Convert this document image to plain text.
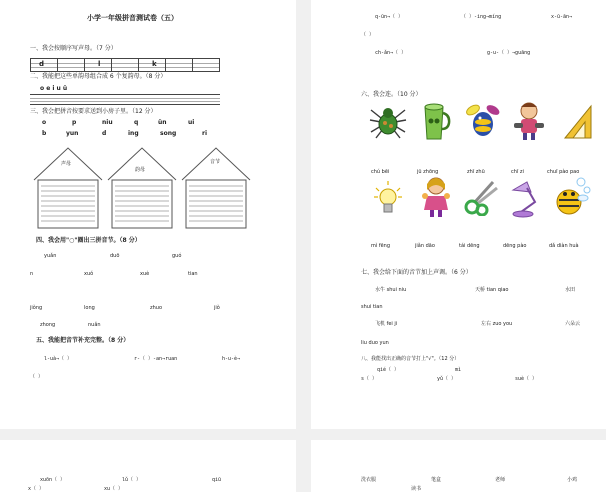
小学一年级拼音测试卷（五）
一、我会按顺序写声母。（7 分）
d	l	k
二、我能把这些单韵母组合成 6 个复韵母。（8 分）
o e i u ü
三、我会把拼音按要求送到小房子里。（12 分）
o	p	niu	q	ün	ui
b	yun	d	ing	song	ri
声母
韵母
音节
四、我会用"○"圈出三拼音节。（8 分）
yuǎn	duō	guó
n	xuǒ	xuè	tian
jiǒng	long	zhuo	jiǒ
zhong	nuǎn
五、我能把音节补充完整。（8 分）
l-uà→（ ）	r-（ ）-an→ruan	h-u-è→
（ ）
q-ūn→（ ）	（ ）-ing→míng	x-ū-ān→
（ ）
ch-ǎn→（ ）	g-u-（ ）→guāng
六、我会连。（10 分）
chú bēi	jū zhōng	zhī zhū	chī zi	chuī pào pao
mì fēng	jiǎn dāo	tái dēng	dēng pào	dǎ diàn huà
七、我会给下面的音节加上声调。（6 分）
水牛 shui niu	天桥 tian qiao	水田
shui tian
飞机 fei ji	左右 zuo you	六朵云
liu duo yun
八、我能找出正确的音节打上"√"。（12 分）
qié（ ）	mì
s（ ）	yǔ（ ）	suè（ ）
xuōn（ ）	lǔ（ ）	qiū
x（ ）	xu（ ）
洗衣服	笔盒	老师	小鸡
读书
